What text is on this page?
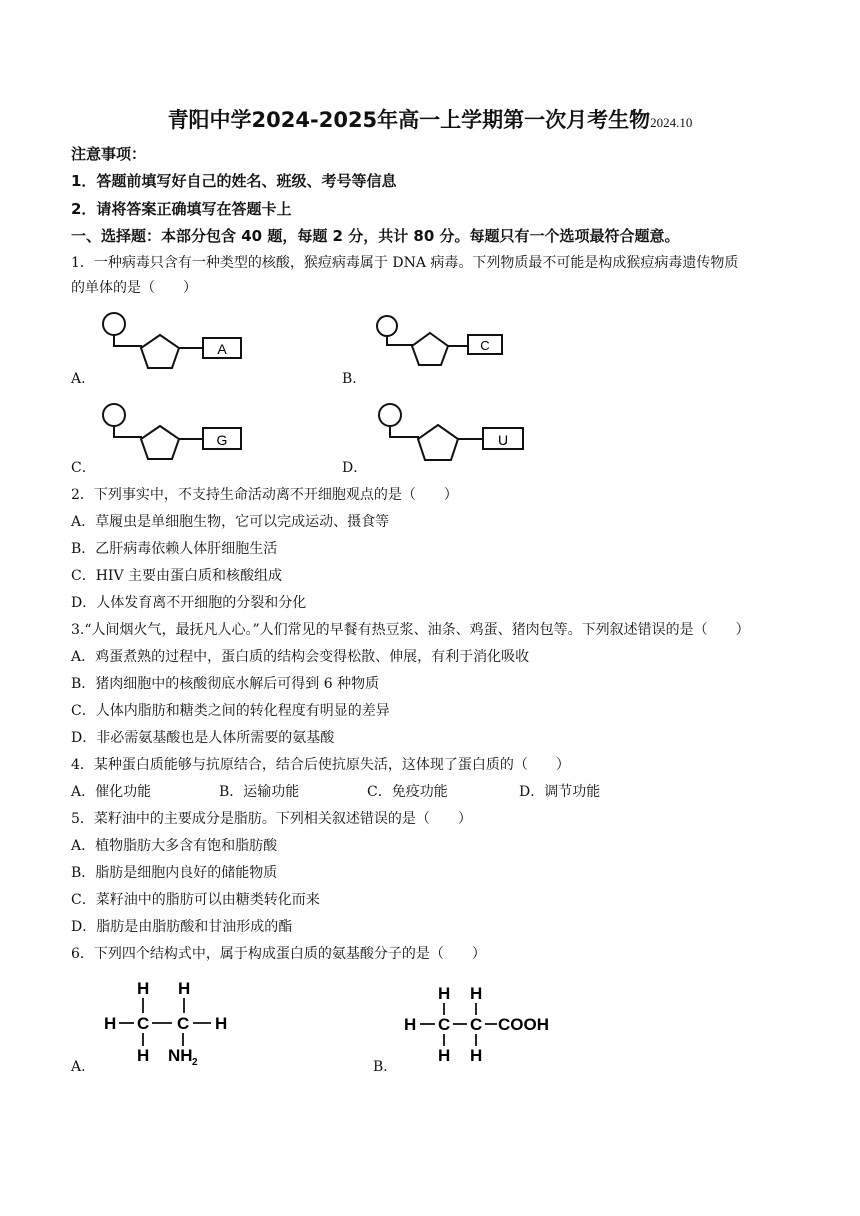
青阳中学2024-2025年高一上学期第一次月考生物2024.10
注意事项：
1．答题前填写好自己的姓名、班级、考号等信息
2．请将答案正确填写在答题卡上
一、选择题：本部分包含 40 题，每题 2 分，共计 80 分。每题只有一个选项最符合题意。
1．一种病毒只含有一种类型的核酸，猴痘病毒属于 DNA 病毒。下列物质最不可能是构成猴痘病毒遗传物质
的单体的是（　　）
A
A．
C
B．
G
C．
U
D．
2．下列事实中，不支持生命活动离不开细胞观点的是（　　）
A．草履虫是单细胞生物，它可以完成运动、摄食等
B．乙肝病毒依赖人体肝细胞生活
C．HIV 主要由蛋白质和核酸组成
D．人体发育离不开细胞的分裂和分化
3.“人间烟火气，最抚凡人心。”人们常见的早餐有热豆浆、油条、鸡蛋、猪肉包等。下列叙述错误的是（　　）
A．鸡蛋煮熟的过程中，蛋白质的结构会变得松散、伸展，有利于消化吸收
B．猪肉细胞中的核酸彻底水解后可得到 6 种物质
C．人体内脂肪和糖类之间的转化程度有明显的差异
D．非必需氨基酸也是人体所需要的氨基酸
4．某种蛋白质能够与抗原结合，结合后使抗原失活，这体现了蛋白质的（　　）
A．催化功能	B．运输功能	C．免疫功能	D．调节功能
5．菜籽油中的主要成分是脂肪。下列相关叙述错误的是（　　）
A．植物脂肪大多含有饱和脂肪酸
B．脂肪是细胞内良好的储能物质
C．菜籽油中的脂肪可以由糖类转化而来
D．脂肪是由脂肪酸和甘油形成的酯
6．下列四个结构式中，属于构成蛋白质的氨基酸分子的是（　　）
H H
H C C H
H NH 2
A．
H H
H C C COOH
H H
B．
